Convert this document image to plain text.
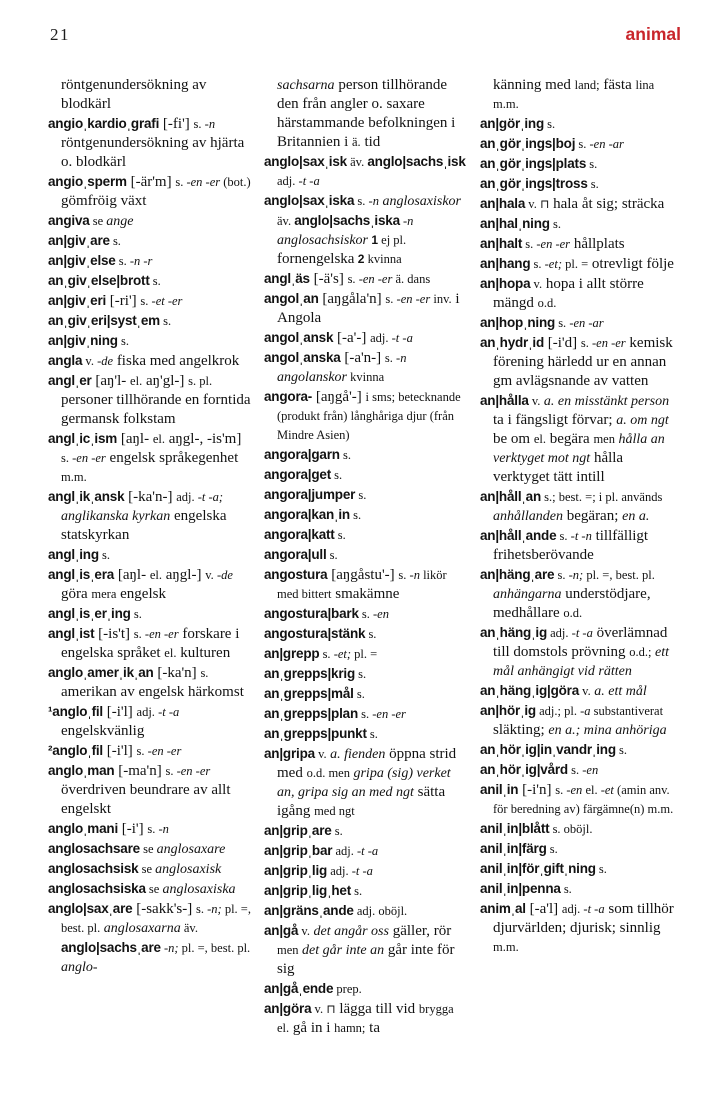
21	animal

röntgenundersökning av blodkärl

angioˌkardioˌgrafi [-fi'] s. -n röntgenundersökning av hjärta o. blodkärl

angioˌsperm [-är'm] s. -en -er (bot.) gömfröig växt

angiva se ange

an|givˌare s.

an|givˌelse s. -n -r

anˌgivˌelse|brott s.

an|givˌeri [-ri'] s. -et -er

anˌgivˌeri|systˌem s.

an|givˌning s.

angla v. -de fiska med angelkrok

anglˌer [aŋ'l- el. aŋ'gl-] s. pl. personer tillhörande en forntida germansk folkstam

anglˌicˌism [aŋl- el. aŋgl-, -is'm] s. -en -er engelsk språkegenhet m.m.

anglˌikˌansk [-ka'n-] adj. -t -a; anglikanska kyrkan engelska statskyrkan

anglˌing s.

anglˌisˌera [aŋl- el. aŋgl-] v. -de göra mera engelsk

anglˌisˌerˌing s.

anglˌist [-is't] s. -en -er forskare i engelska språket el. kulturen

angloˌamerˌikˌan [-ka'n] s. amerikan av engelsk härkomst

¹angloˌfil [-i'l] adj. -t -a engelskvänlig

²angloˌfil [-i'l] s. -en -er

angloˌman [-ma'n] s. -en -er överdriven beundrare av allt engelskt

angloˌmani [-i'] s. -n

anglosachsare se anglosaxare

anglosachsisk se anglosaxisk

anglosachsiska se anglosaxiska

anglo|saxˌare [-sakk's-] s. -n; pl. =, best. pl. anglosaxarna äv. anglo|sachsˌare -n; pl. =, best. pl. anglo-

sachsarna person tillhörande den från angler o. saxare härstammande befolkningen i Britannien i ä. tid

anglo|saxˌisk äv. anglo|sachsˌisk adj. -t -a

anglo|saxˌiska s. -n anglosaxiskor äv. anglo|sachsˌiska -n anglosachsiskor 1 ej pl. fornengelska 2 kvinna

anglˌäs [-ä's] s. -en -er ä. dans

angolˌan [aŋgåla'n] s. -en -er inv. i Angola

angolˌansk [-a'-] adj. -t -a

angolˌanska [-a'n-] s. -n angolanskor kvinna

angora- [aŋgå'-] i sms; betecknande (produkt från) långhåriga djur (från Mindre Asien)

angora|garn s.

angora|get s.

angora|jumper s.

angora|kanˌin s.

angora|katt s.

angora|ull s.

angostura [aŋgåstu'-] s. -n likör med bittert smakämne

angostura|bark s. -en

angostura|stänk s.

an|grepp s. -et; pl. =

anˌgrepps|krig s.

anˌgrepps|mål s.

anˌgrepps|plan s. -en -er

anˌgrepps|punkt s.

an|gripa v. a. fienden öppna strid med o.d. men gripa (sig) verket an, gripa sig an med ngt sätta igång med ngt

an|gripˌare s.

an|gripˌbar adj. -t -a

an|gripˌlig adj. -t -a

an|gripˌligˌhet s.

an|gränsˌande adj. oböjl.

an|gå v. det angår oss gäller, rör men det går inte an går inte för sig

an|gåˌende prep.

an|göra v. ⊓ lägga till vid brygga el. gå in i hamn; ta

känning med land; fästa lina m.m.

an|görˌing s.

anˌgörˌings|boj s. -en -ar

anˌgörˌings|plats s.

anˌgörˌings|tross s.

an|hala v. ⊓ hala åt sig; sträcka

an|halˌning s.

an|halt s. -en -er hållplats

an|hang s. -et; pl. = otrevligt följe

an|hopa v. hopa i allt större mängd o.d.

an|hopˌning s. -en -ar

anˌhydrˌid [-i'd] s. -en -er kemisk förening härledd ur en annan gm avlägsnande av vatten

an|hålla v. a. en misstänkt person ta i fängsligt förvar; a. om ngt be om el. begära men hålla an verktyget mot ngt hålla verktyget tätt intill

an|hållˌan s.; best. =; i pl. används anhållanden begäran; en a.

an|hållˌande s. -t -n tillfälligt frihetsberövande

an|hängˌare s. -n; pl. =, best. pl. anhängarna understödjare, medhållare o.d.

anˌhängˌig adj. -t -a överlämnad till domstols prövning o.d.; ett mål anhängigt vid rätten

anˌhängˌig|göra v. a. ett mål

an|hörˌig adj.; pl. -a substantiverat släkting; en a.; mina anhöriga

anˌhörˌig|inˌvandrˌing s.

anˌhörˌig|vård s. -en

anilˌin [-i'n] s. -en el. -et (amin anv. för beredning av) färgämne(n) m.m.

anilˌin|blått s. oböjl.

anilˌin|färg s.

anilˌin|förˌgiftˌning s.

anilˌin|penna s.

animˌal [-a'l] adj. -t -a som tillhör djurvärlden; djurisk; sinnlig m.m.
